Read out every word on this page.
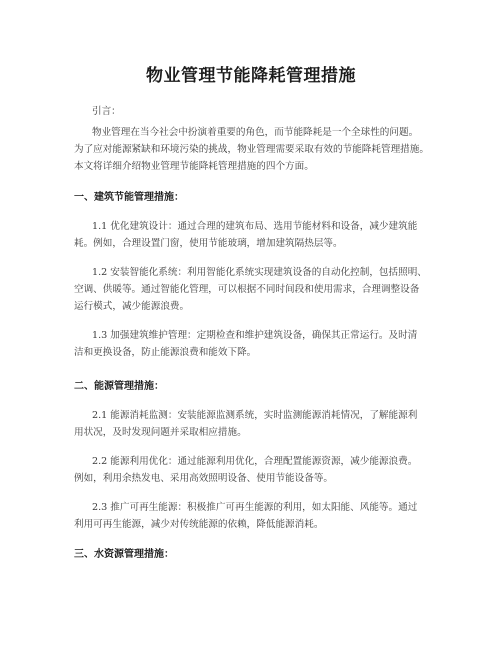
物业管理节能降耗管理措施
引言：
物业管理在当今社会中扮演着重要的角色，而节能降耗是一个全球性的问题。
为了应对能源紧缺和环境污染的挑战，物业管理需要采取有效的节能降耗管理措施。
本文将详细介绍物业管理节能降耗管理措施的四个方面。
一、建筑节能管理措施：
1.1 优化建筑设计：通过合理的建筑布局、选用节能材料和设备，减少建筑能
耗。例如，合理设置门窗，使用节能玻璃，增加建筑隔热层等。
1.2 安装智能化系统：利用智能化系统实现建筑设备的自动化控制，包括照明、
空调、供暖等。通过智能化管理，可以根据不同时间段和使用需求，合理调整设备
运行模式，减少能源浪费。
1.3 加强建筑维护管理：定期检查和维护建筑设备，确保其正常运行。及时清
洁和更换设备，防止能源浪费和能效下降。
二、能源管理措施：
2.1 能源消耗监测：安装能源监测系统，实时监测能源消耗情况，了解能源利
用状况，及时发现问题并采取相应措施。
2.2 能源利用优化：通过能源利用优化，合理配置能源资源，减少能源浪费。
例如，利用余热发电、采用高效照明设备、使用节能设备等。
2.3 推广可再生能源：积极推广可再生能源的利用，如太阳能、风能等。通过
利用可再生能源，减少对传统能源的依赖，降低能源消耗。
三、水资源管理措施：
